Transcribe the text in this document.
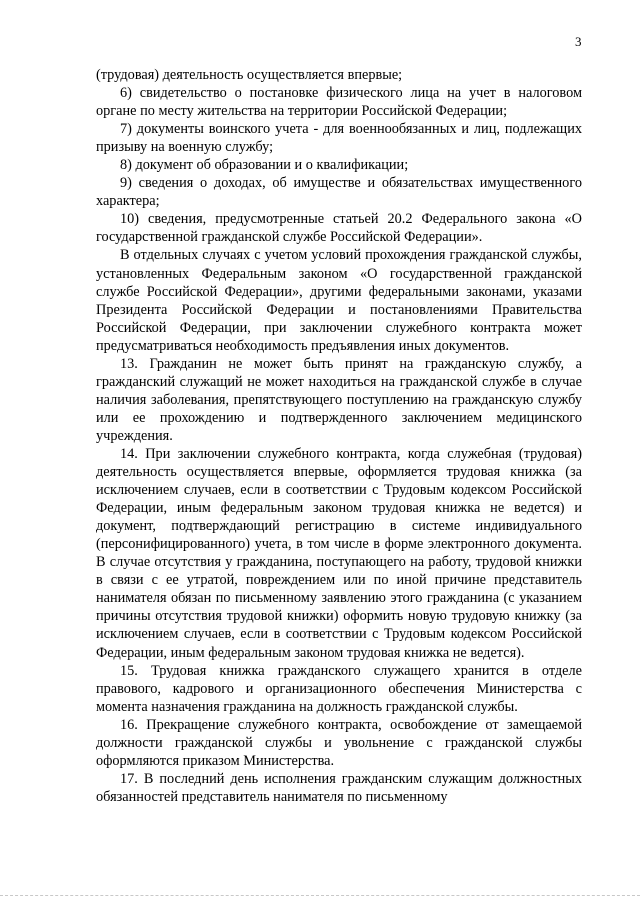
3

(трудовая) деятельность осуществляется впервые;

6) свидетельство о постановке физического лица на учет в налоговом органе по месту жительства на территории Российской Федерации;

7) документы воинского учета - для военнообязанных и лиц, подлежащих призыву на военную службу;

8) документ об образовании и о квалификации;

9) сведения о доходах, об имуществе и обязательствах имущественного характера;

10) сведения, предусмотренные статьей 20.2 Федерального закона «О государственной гражданской службе Российской Федерации».

В отдельных случаях с учетом условий прохождения гражданской службы, установленных Федеральным законом «О государственной гражданской службе Российской Федерации», другими федеральными законами, указами Президента Российской Федерации и постановлениями Правительства Российской Федерации, при заключении служебного контракта может предусматриваться необходимость предъявления иных документов.

13. Гражданин не может быть принят на гражданскую службу, а гражданский служащий не может находиться на гражданской службе в случае наличия заболевания, препятствующего поступлению на гражданскую службу или ее прохождению и подтвержденного заключением медицинского учреждения.

14. При заключении служебного контракта, когда служебная (трудовая) деятельность осуществляется впервые, оформляется трудовая книжка (за исключением случаев, если в соответствии с Трудовым кодексом Российской Федерации, иным федеральным законом трудовая книжка не ведется) и документ, подтверждающий регистрацию в системе индивидуального (персонифицированного) учета, в том числе в форме электронного документа. В случае отсутствия у гражданина, поступающего на работу, трудовой книжки в связи с ее утратой, повреждением или по иной причине представитель нанимателя обязан по письменному заявлению этого гражданина (с указанием причины отсутствия трудовой книжки) оформить новую трудовую книжку (за исключением случаев, если в соответствии с Трудовым кодексом Российской Федерации, иным федеральным законом трудовая книжка не ведется).

15. Трудовая книжка гражданского служащего хранится в отделе правового, кадрового и организационного обеспечения Министерства с момента назначения гражданина на должность гражданской службы.

16. Прекращение служебного контракта, освобождение от замещаемой должности гражданской службы и увольнение с гражданской службы оформляются приказом Министерства.

17. В последний день исполнения гражданским служащим должностных обязанностей представитель нанимателя по письменному
